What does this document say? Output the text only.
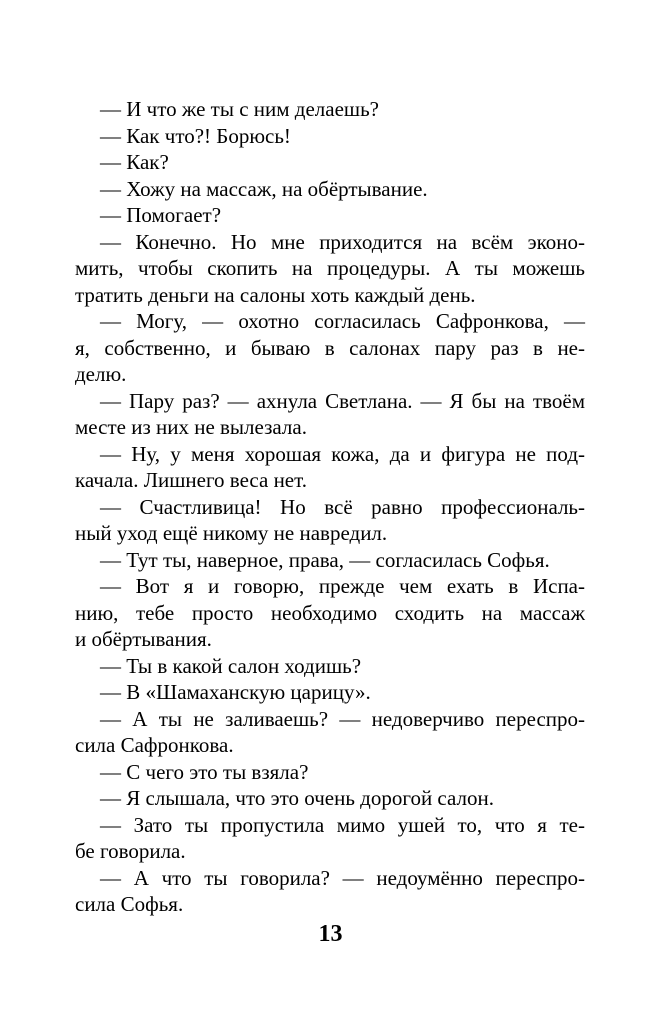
— И что же ты с ним делаешь?
— Как что?! Борюсь!
— Как?
— Хожу на массаж, на обёртывание.
— Помогает?
— Конечно. Но мне приходится на всём эконо-
мить, чтобы скопить на процедуры. А ты можешь
тратить деньги на салоны хоть каждый день.
— Могу, — охотно согласилась Сафронкова, —
я, собственно, и бываю в салонах пару раз в не-
делю.
— Пару раз? — ахнула Светлана. — Я бы на твоём
месте из них не вылезала.
— Ну, у меня хорошая кожа, да и фигура не под-
качала. Лишнего веса нет.
— Счастливица! Но всё равно профессиональ-
ный уход ещё никому не навредил.
— Тут ты, наверное, права, — согласилась Софья.
— Вот я и говорю, прежде чем ехать в Испа-
нию, тебе просто необходимо сходить на массаж
и обёртывания.
— Ты в какой салон ходишь?
— В «Шамаханскую царицу».
— А ты не заливаешь? — недоверчиво переспро-
сила Сафронкова.
— С чего это ты взяла?
— Я слышала, что это очень дорогой салон.
— Зато ты пропустила мимо ушей то, что я те-
бе говорила.
— А что ты говорила? — недоумённо переспро-
сила Софья.
13
